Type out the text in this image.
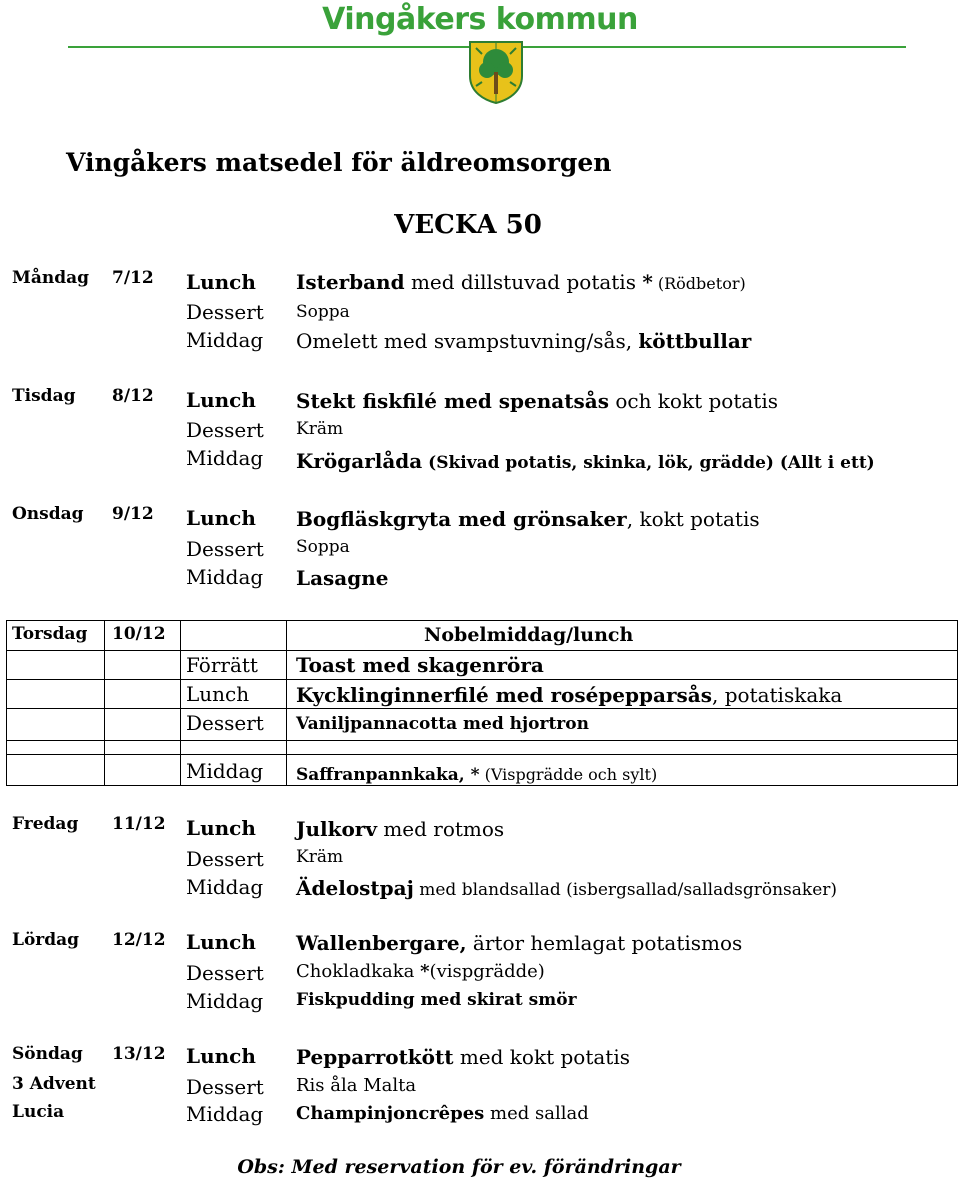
Vingåkers kommun
Vingåkers matsedel för äldreomsorgen
VECKA 50
Måndag 7/12 Lunch Isterband med dillstuvad potatis * (Rödbetor)
Dessert Soppa
Middag Omelett med svampstuvning/sås, köttbullar
Tisdag 8/12 Lunch Stekt fiskfilé med spenatsås och kokt potatis
Dessert Kräm
Middag Krögarlåda (Skivad potatis, skinka, lök, grädde) (Allt i ett)
Onsdag 9/12 Lunch Bogfläskgryta med grönsaker, kokt potatis
Dessert Soppa
Middag Lasagne
Torsdag 10/12	Nobelmiddag/lunch
Förrätt Toast med skagenröra
Lunch Kycklinginnerfilé med rosépepparsås, potatiskaka
Dessert Vaniljpannacotta med hjortron
Middag Saffranpannkaka, * (Vispgrädde och sylt)
Fredag 11/12 Lunch Julkorv med rotmos
Dessert Kräm
Middag Ädelostpaj med blandsallad (isbergsallad/salladsgrönsaker)
Lördag 12/12 Lunch Wallenbergare, ärtor hemlagat potatismos
Dessert Chokladkaka *(vispgrädde)
Middag Fiskpudding med skirat smör
Söndag 13/12
3 Advent
Lucia
Lunch Pepparrotkött med kokt potatis
Dessert Ris åla Malta
Middag Champinjoncrêpes med sallad
Obs: Med reservation för ev. förändringar
